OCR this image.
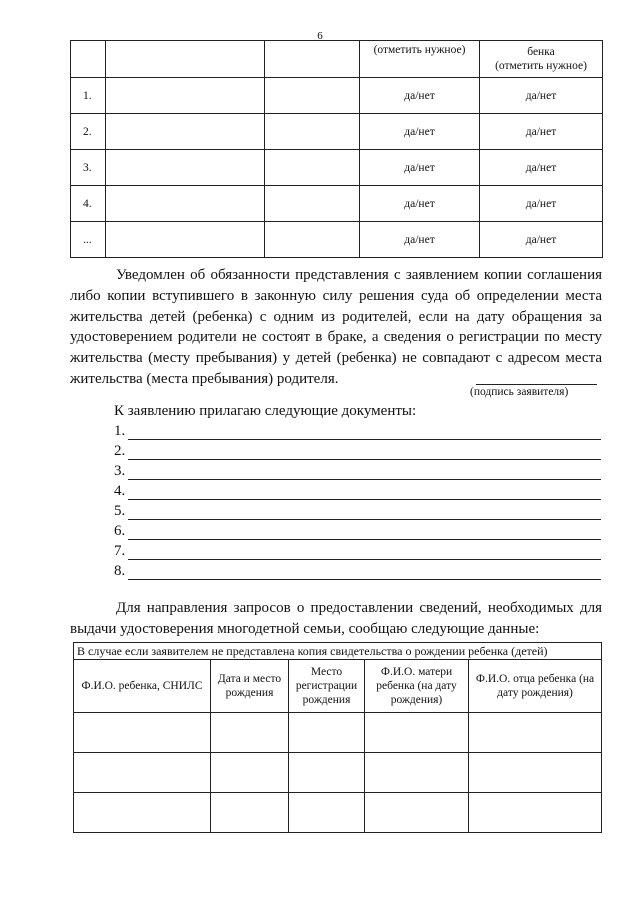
6
			(отметить нужное)	бенка
(отметить нужное)

1.			да/нет	да/нет
2.			да/нет	да/нет
3.			да/нет	да/нет
4.			да/нет	да/нет
...			да/нет	да/нет
Уведомлен об обязанности представления с заявлением копии соглашения либо копии вступившего в законную силу решения суда об определении места жительства детей (ребенка) с одним из родителей, если на дату обращения за удостоверением родители не состоят в браке, а сведения о регистрации по месту жительства (месту пребывания) у детей (ребенка) не совпадают с адресом места жительства (места пребывания) родителя.
(подпись заявителя)
К заявлению прилагаю следующие документы:
1.
2.
3.
4.
5.
6.
7.
8.
Для направления запросов о предоставлении сведений, необходимых для выдачи удостоверения многодетной семьи, сообщаю следующие данные:
В случае если заявителем не представлена копия свидетельства о рождении ребенка (детей)				
Ф.И.О. ребенка, СНИЛС	Дата и место рождения	Место регистрации рождения	Ф.И.О. матери ребенка (на дату рождения)	Ф.И.О. отца ребенка (на дату рождения)
